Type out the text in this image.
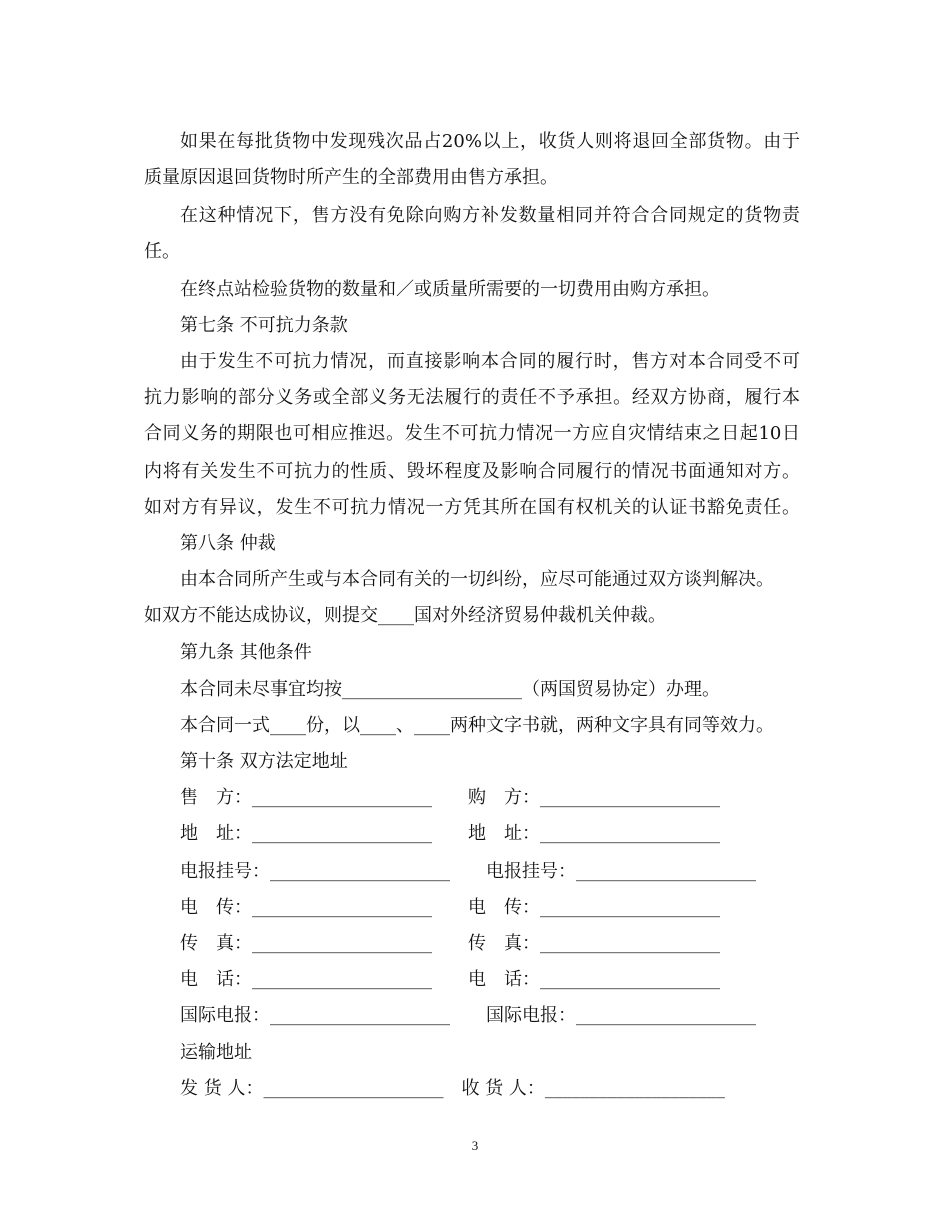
如果在每批货物中发现残次品占20%以上，收货人则将退回全部货物。由于
质量原因退回货物时所产生的全部费用由售方承担。
在这种情况下，售方没有免除向购方补发数量相同并符合合同规定的货物责
任。
在终点站检验货物的数量和／或质量所需要的一切费用由购方承担。
第七条 不可抗力条款
由于发生不可抗力情况，而直接影响本合同的履行时，售方对本合同受不可
抗力影响的部分义务或全部义务无法履行的责任不予承担。经双方协商，履行本
合同义务的期限也可相应推迟。发生不可抗力情况一方应自灾情结束之日起10日
内将有关发生不可抗力的性质、毁坏程度及影响合同履行的情况书面通知对方。
如对方有异议，发生不可抗力情况一方凭其所在国有权机关的认证书豁免责任。
第八条 仲裁
由本合同所产生或与本合同有关的一切纠纷，应尽可能通过双方谈判解决。
如双方不能达成协议，则提交____国对外经济贸易仲裁机关仲裁。
第九条 其他条件
本合同未尽事宜均按____________________（两国贸易协定）办理。
本合同一式____份，以____、____两种文字书就，两种文字具有同等效力。
第十条 双方法定地址
售　方：____________________　　购　方：____________________
地　址：____________________　　地　址：____________________
电报挂号：____________________　　电报挂号：____________________
电　传：____________________　　电　传：____________________
传　真：____________________　　传　真：____________________
电　话：____________________　　电　话：____________________
国际电报：____________________　　国际电报：____________________
运输地址
发 货 人：____________________　收 货 人：____________________
3
